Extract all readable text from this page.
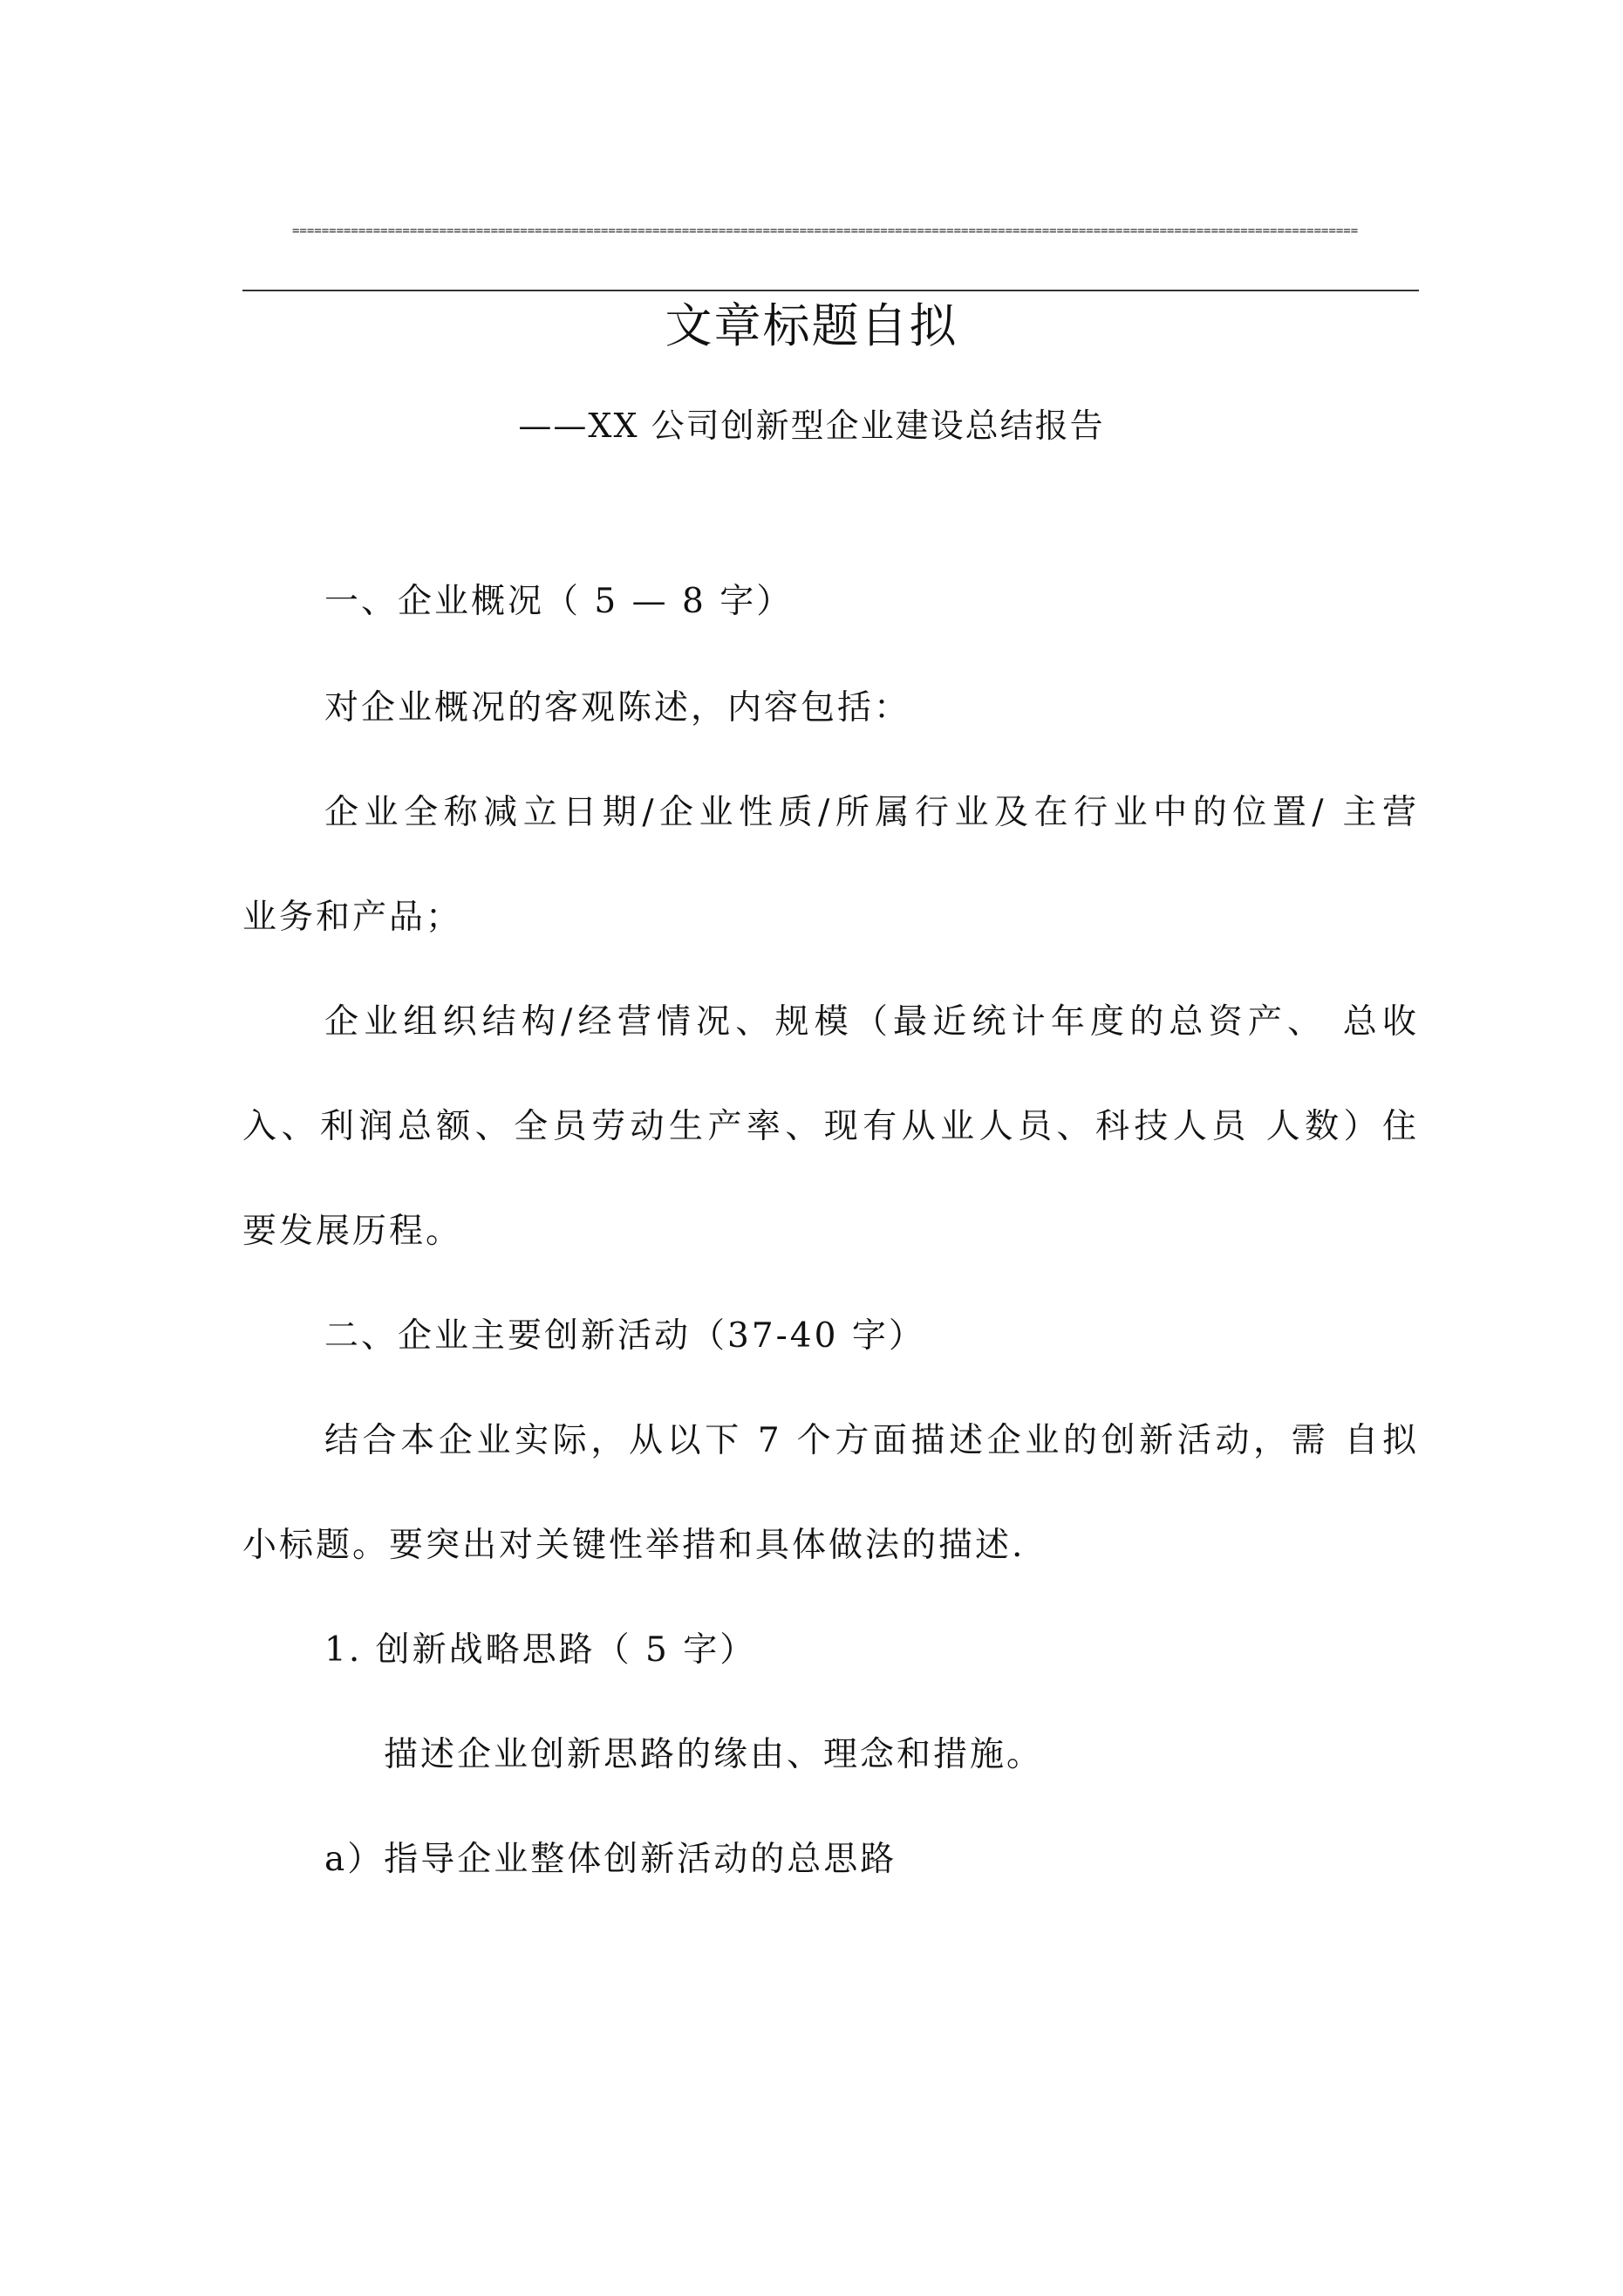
=================================================================================================================================================
文章标题自拟
——XX 公司创新型企业建设总结报告
一、企业概况（ 5 — 8 字）
对企业概况的客观陈述，内容包括：
企业全称减立日期/企业性质/所属行业及在行业中的位置/ 主营
业务和产品；
企业组织结构/经营情况、规模（最近统计年度的总资产、 总收
入、利润总额、全员劳动生产率、现有从业人员、科技人员 人数）住
要发展历程。
二、企业主要创新活动（37-40 字）
结合本企业实际，从以下 7 个方面描述企业的创新活动，需 自拟
小标题。要突出对关键性举措和具体做法的描述.
1. 创新战略思路（ 5 字）
描述企业创新思路的缘由、理念和措施。
a）指导企业整体创新活动的总思路
